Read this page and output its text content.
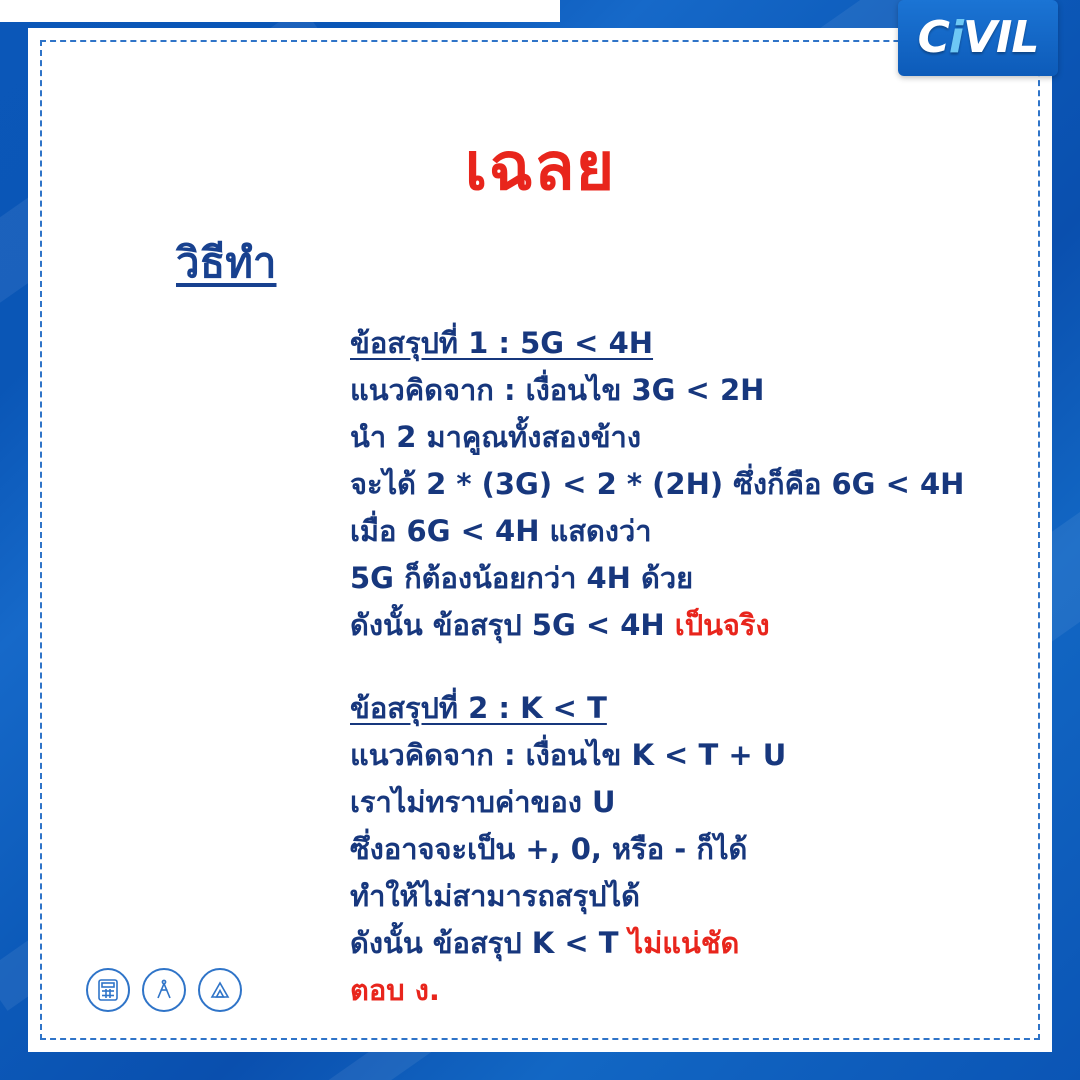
เฉลย
วิธีทำ
ข้อสรุปที่ 1 : 5G < 4H
แนวคิดจาก : เงื่อนไข 3G < 2H
นำ 2 มาคูณทั้งสองข้าง
จะได้ 2 * (3G) < 2 * (2H) ซึ่งก็คือ 6G < 4H
เมื่อ 6G < 4H แสดงว่า
5G ก็ต้องน้อยกว่า 4H ด้วย
ดังนั้น ข้อสรุป 5G < 4H เป็นจริง
ข้อสรุปที่ 2 : K < T
แนวคิดจาก : เงื่อนไข K < T + U
เราไม่ทราบค่าของ U
ซึ่งอาจจะเป็น +, 0, หรือ - ก็ได้
ทำให้ไม่สามารถสรุปได้
ดังนั้น ข้อสรุป K < T ไม่แน่ชัด
ตอบ ง.
CiVIL
